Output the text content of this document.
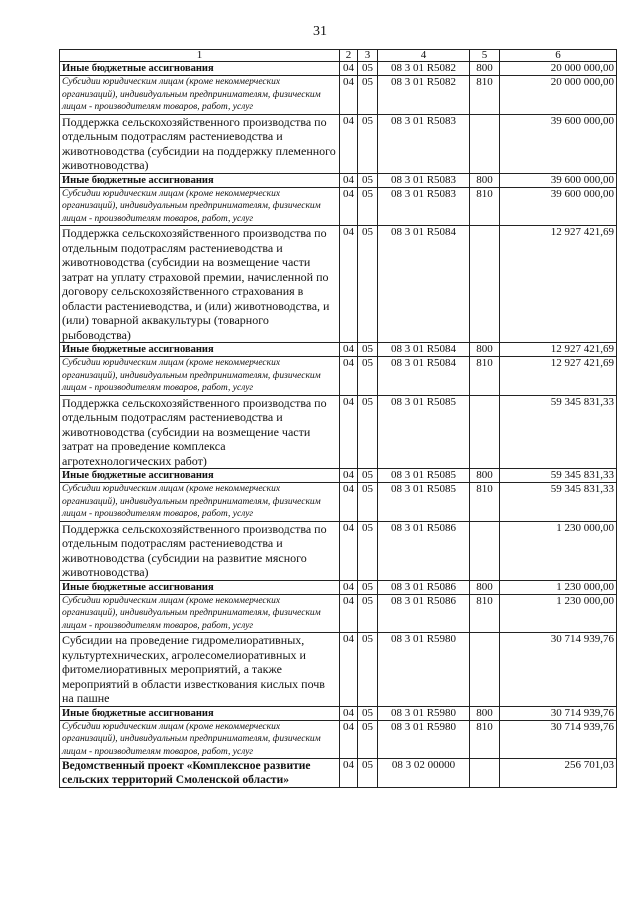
31
1	2	3	4	5	6
Иные бюджетные ассигнования	04	05	08 3 01 R5082	800	20 000 000,00
Субсидии юридическим лицам (кроме некоммерческих организаций), индивидуальным предпринимателям, физическим лицам - производителям товаров, работ, услуг	04	05	08 3 01 R5082	810	20 000 000,00
Поддержка сельскохозяйственного производства по отдельным подотраслям растениеводства и животноводства (субсидии на поддержку племенного животноводства)	04	05	08 3 01 R5083		39 600 000,00
Иные бюджетные ассигнования	04	05	08 3 01 R5083	800	39 600 000,00
Субсидии юридическим лицам (кроме некоммерческих организаций), индивидуальным предпринимателям, физическим лицам - производителям товаров, работ, услуг	04	05	08 3 01 R5083	810	39 600 000,00
Поддержка сельскохозяйственного производства по отдельным подотраслям растениеводства и животноводства (субсидии на возмещение части затрат на уплату страховой премии, начисленной по договору сельскохозяйственного страхования в области растениеводства, и (или) животноводства, и (или) товарной аквакультуры (товарного рыбоводства)	04	05	08 3 01 R5084		12 927 421,69
Иные бюджетные ассигнования	04	05	08 3 01 R5084	800	12 927 421,69
Субсидии юридическим лицам (кроме некоммерческих организаций), индивидуальным предпринимателям, физическим лицам - производителям товаров, работ, услуг	04	05	08 3 01 R5084	810	12 927 421,69
Поддержка сельскохозяйственного производства по отдельным подотраслям растениеводства и животноводства (субсидии на возмещение части затрат на проведение комплекса агротехнологических работ)	04	05	08 3 01 R5085		59 345 831,33
Иные бюджетные ассигнования	04	05	08 3 01 R5085	800	59 345 831,33
Субсидии юридическим лицам (кроме некоммерческих организаций), индивидуальным предпринимателям, физическим лицам - производителям товаров, работ, услуг	04	05	08 3 01 R5085	810	59 345 831,33
Поддержка сельскохозяйственного производства по отдельным подотраслям растениеводства и животноводства (субсидии на развитие мясного животноводства)	04	05	08 3 01 R5086		1 230 000,00
Иные бюджетные ассигнования	04	05	08 3 01 R5086	800	1 230 000,00
Субсидии юридическим лицам (кроме некоммерческих организаций), индивидуальным предпринимателям, физическим лицам - производителям товаров, работ, услуг	04	05	08 3 01 R5086	810	1 230 000,00
Субсидии на проведение гидромелиоративных, культуртехнических, агролесомелиоративных и фитомелиоративных мероприятий, а также мероприятий в области известкования кислых почв на пашне	04	05	08 3 01 R5980		30 714 939,76
Иные бюджетные ассигнования	04	05	08 3 01 R5980	800	30 714 939,76
Субсидии юридическим лицам (кроме некоммерческих организаций), индивидуальным предпринимателям, физическим лицам - производителям товаров, работ, услуг	04	05	08 3 01 R5980	810	30 714 939,76
Ведомственный проект «Комплексное развитие сельских территорий Смоленской области»	04	05	08 3 02 00000		256 701,03
